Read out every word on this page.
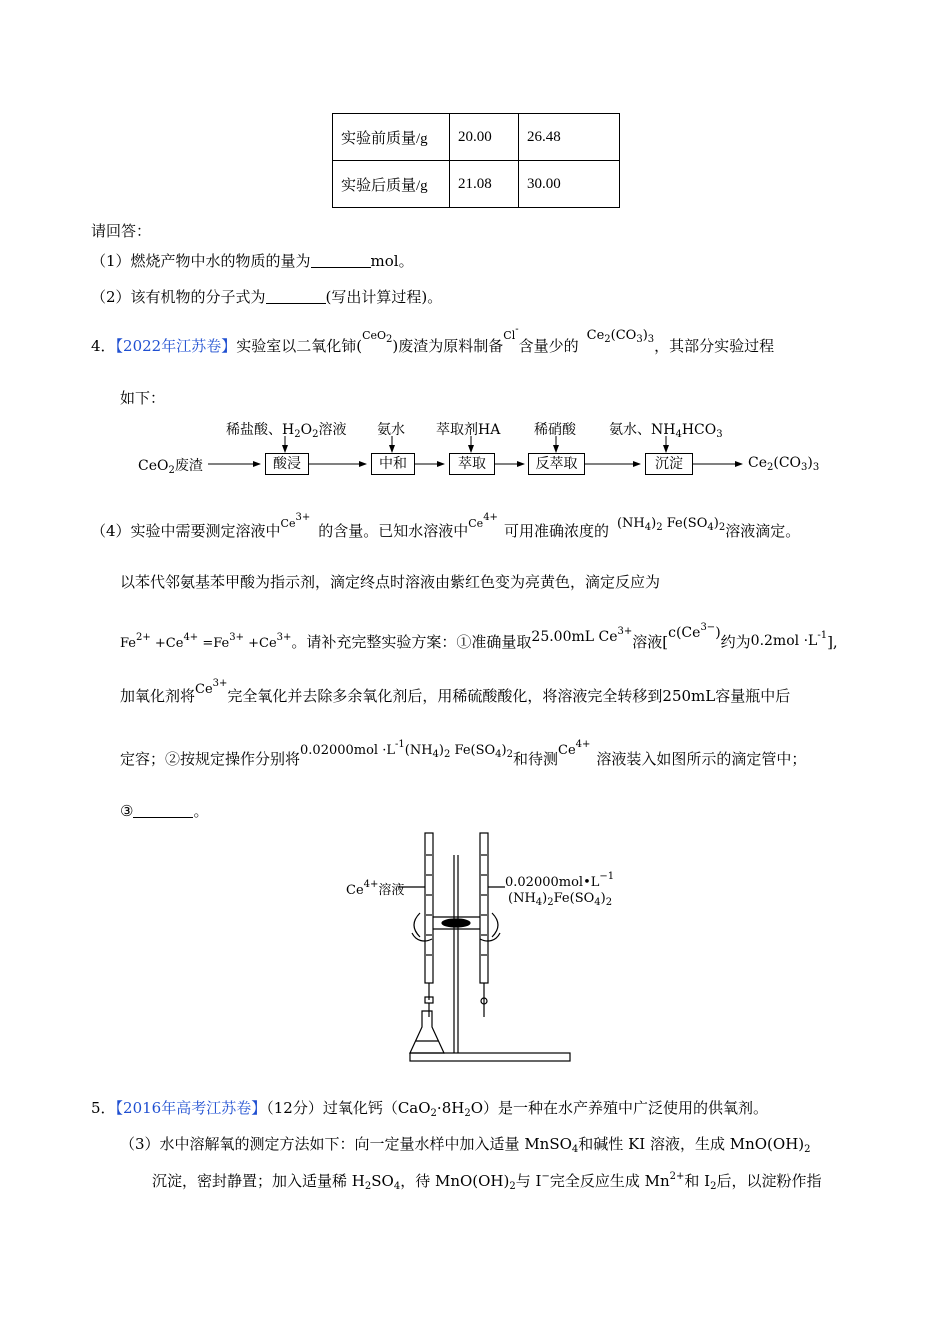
实验前质量/g	20.00	26.48
实验后质量/g	21.08	30.00
请回答：
（1）燃烧产物中水的物质的量为	mol。
（2）该有机物的分子式为	(写出计算过程)。
4．【2022年江苏卷】实验室以二氧化铈($^{CeO2}$)废渣为原料制备$^{Cl-}$含量少的$Ce_2(CO_3)_3$，其部分实验过程
如下：
稀盐酸、$H_2O_2$溶液 氨水 萃取剂HA 稀硝酸 氨水、$NH_4HCO_3$
CeO$_2$废渣	酸浸	中和	萃取	反萃取	沉淀	$Ce_2(CO_3)_3$
（4）实验中需要测定溶液中$^{Ce3+}$的含量。已知水溶液中$^{Ce4+}$可用准确浓度的 $(NH_4)_2$ $Fe(SO_4)_2$溶液滴定。
以苯代邻氨基苯甲酸为指示剂，滴定终点时溶液由紫红色变为亮黄色，滴定反应为
$Fe^{2+} +Ce^{4+} =Fe^{3+} +Ce^{3+}$。请补充完整实验方案：①准确量取25.00mL $Ce^{3+}$溶液[$c(Ce^{3-})$约为$0.2mol \cdot L^{-1}$],
加氧化剂将$Ce^{3+}$完全氧化并去除多余氧化剂后，用稀硫酸酸化，将溶液完全转移到250mL容量瓶中后
定容；②按规定操作分别将$0.02000mol \cdot L^{-1}(NH_4)_2$ $Fe(SO_4)_2$和待测$Ce^{4+}$溶液装入如图所示的滴定管中；
③	。
$Ce^{4+}$溶液
$0.02000mol•L^{-1}$
$(NH_4)_2Fe(SO_4)_2$
5．【2016年高考江苏卷】（12分）过氧化钙$(CaO_2\cdot 8H_2O)$是一种在水产养殖中广泛使用的供氧剂。
（3）水中溶解氧的测定方法如下：向一定量水样中加入适量 MnSO$_4$和碱性 KI 溶液，生成 $MnO(OH)_2$
沉淀，密封静置；加入适量稀 $H_2SO_4$，待 $MnO(OH)_2$与 I−完全反应生成 $Mn^{2+}$和 $I_2$后，以淀粉作指
